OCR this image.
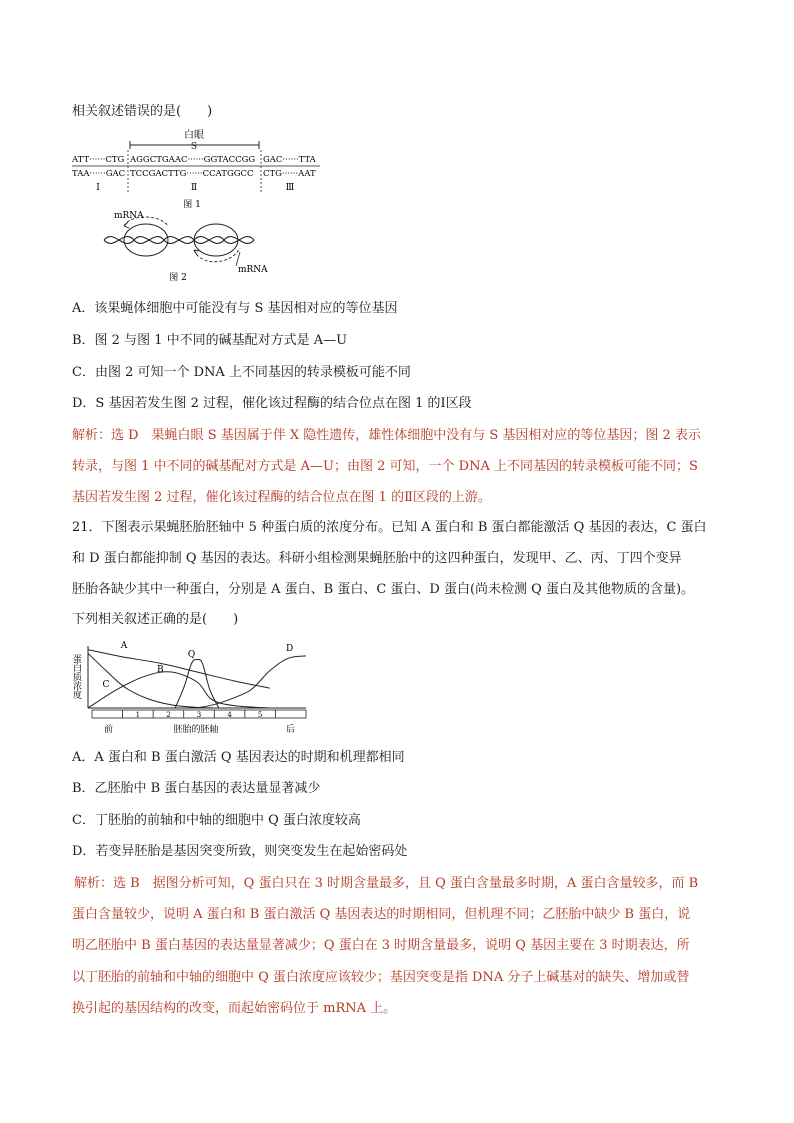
相关叙述错误的是(　　)
白眼
S
ATT······CTG AGGCTGAAC······GGTACCGG GAC······TTA
TAA······GAC TCCGACTTG······CCATGGCC CTG······AAT
Ⅰ	Ⅱ	Ⅲ
图 1
mRNA
mRNA
图 2
A．该果蝇体细胞中可能没有与 S 基因相对应的等位基因
B．图 2 与图 1 中不同的碱基配对方式是 A—U
C．由图 2 可知一个 DNA 上不同基因的转录模板可能不同
D．S 基因若发生图 2 过程，催化该过程酶的结合位点在图 1 的Ⅰ区段
解析：选 D　果蝇白眼 S 基因属于伴 X 隐性遗传，雄性体细胞中没有与 S 基因相对应的等位基因；图 2 表示
转录，与图 1 中不同的碱基配对方式是 A—U；由图 2 可知，一个 DNA 上不同基因的转录模板可能不同；S
基因若发生图 2 过程，催化该过程酶的结合位点在图 1 的Ⅱ区段的上游。
21．下图表示果蝇胚胎胚轴中 5 种蛋白质的浓度分布。已知 A 蛋白和 B 蛋白都能激活 Q 基因的表达，C 蛋白
和 D 蛋白都能抑制 Q 基因的表达。科研小组检测果蝇胚胎中的这四种蛋白，发现甲、乙、丙、丁四个变异
胚胎各缺少其中一种蛋白，分别是 A 蛋白、B 蛋白、C 蛋白、D 蛋白(尚未检测 Q 蛋白及其他物质的含量)。
下列相关叙述正确的是(　　)
蛋白质浓度
A
B
C
Q
D
1	2	3	4	5
前	胚胎的胚轴	后
A．A 蛋白和 B 蛋白激活 Q 基因表达的时期和机理都相同
B．乙胚胎中 B 蛋白基因的表达量显著减少
C．丁胚胎的前轴和中轴的细胞中 Q 蛋白浓度较高
D．若变异胚胎是基因突变所致，则突变发生在起始密码处
解析：选 B　据图分析可知，Q 蛋白只在 3 时期含量最多，且 Q 蛋白含量最多时期，A 蛋白含量较多，而 B
蛋白含量较少，说明 A 蛋白和 B 蛋白激活 Q 基因表达的时期相同，但机理不同；乙胚胎中缺少 B 蛋白，说
明乙胚胎中 B 蛋白基因的表达量显著减少；Q 蛋白在 3 时期含量最多，说明 Q 基因主要在 3 时期表达，所
以丁胚胎的前轴和中轴的细胞中 Q 蛋白浓度应该较少；基因突变是指 DNA 分子上碱基对的缺失、增加或替
换引起的基因结构的改变，而起始密码位于 mRNA 上。
